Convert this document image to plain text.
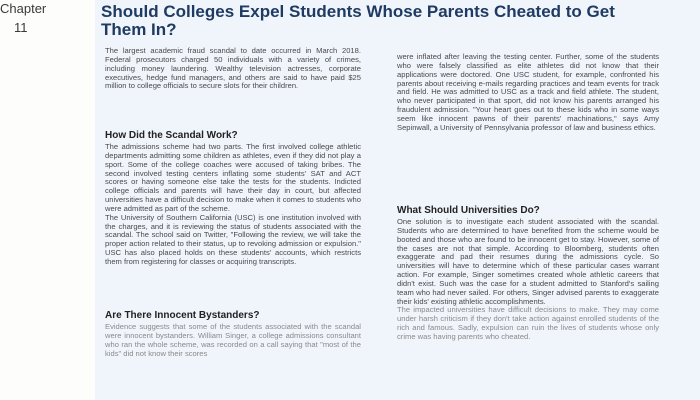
Chapter
11
Should Colleges Expel Students Whose Parents Cheated to Get Them In?

The largest academic fraud scandal to date occurred in March 2018. Federal prosecutors charged 50 individuals with a variety of crimes, including money laundering. Wealthy television actresses, corporate executives, hedge fund managers, and others are said to have paid $25 million to college officials to secure slots for their children.

How Did the Scandal Work?

The admissions scheme had two parts. The first involved college athletic departments admitting some children as athletes, even if they did not play a sport. Some of the college coaches were accused of taking bribes. The second involved testing centers inflating some students' SAT and ACT scores or having someone else take the tests for the students. Indicted college officials and parents will have their day in court, but affected universities have a difficult decision to make when it comes to students who were admitted as part of the scheme.

The University of Southern California (USC) is one institution involved with the charges, and it is reviewing the status of students associated with the scandal. The school said on Twitter, "Following the review, we will take the proper action related to their status, up to revoking admission or expulsion." USC has also placed holds on these students' accounts, which restricts them from registering for classes or acquiring transcripts.

Are There Innocent Bystanders?

Evidence suggests that some of the students associated with the scandal were innocent bystanders. William Singer, a college admissions consultant who ran the whole scheme, was recorded on a call saying that "most of the kids" did not know their scores

were inflated after leaving the testing center. Further, some of the students who were falsely classified as elite athletes did not know that their applications were doctored. One USC student, for example, confronted his parents about receiving e-mails regarding practices and team events for track and field. He was admitted to USC as a track and field athlete. The student, who never participated in that sport, did not know his parents arranged his fraudulent admission. "Your heart goes out to these kids who in some ways seem like innocent pawns of their parents' machinations," says Amy Sepinwall, a University of Pennsylvania professor of law and business ethics.

What Should Universities Do?

One solution is to investigate each student associated with the scandal. Students who are determined to have benefited from the scheme would be booted and those who are found to be innocent get to stay. However, some of the cases are not that simple. According to Bloomberg, students often exaggerate and pad their resumes during the admissions cycle. So universities will have to determine which of these particular cases warrant action. For example, Singer sometimes created whole athletic careers that didn't exist. Such was the case for a student admitted to Stanford's sailing team who had never sailed. For others, Singer advised parents to exaggerate their kids' existing athletic accomplishments.

The impacted universities have difficult decisions to make. They may come under harsh criticism if they don't take action against enrolled students of the rich and famous. Sadly, expulsion can ruin the lives of students whose only crime was having parents who cheated.
